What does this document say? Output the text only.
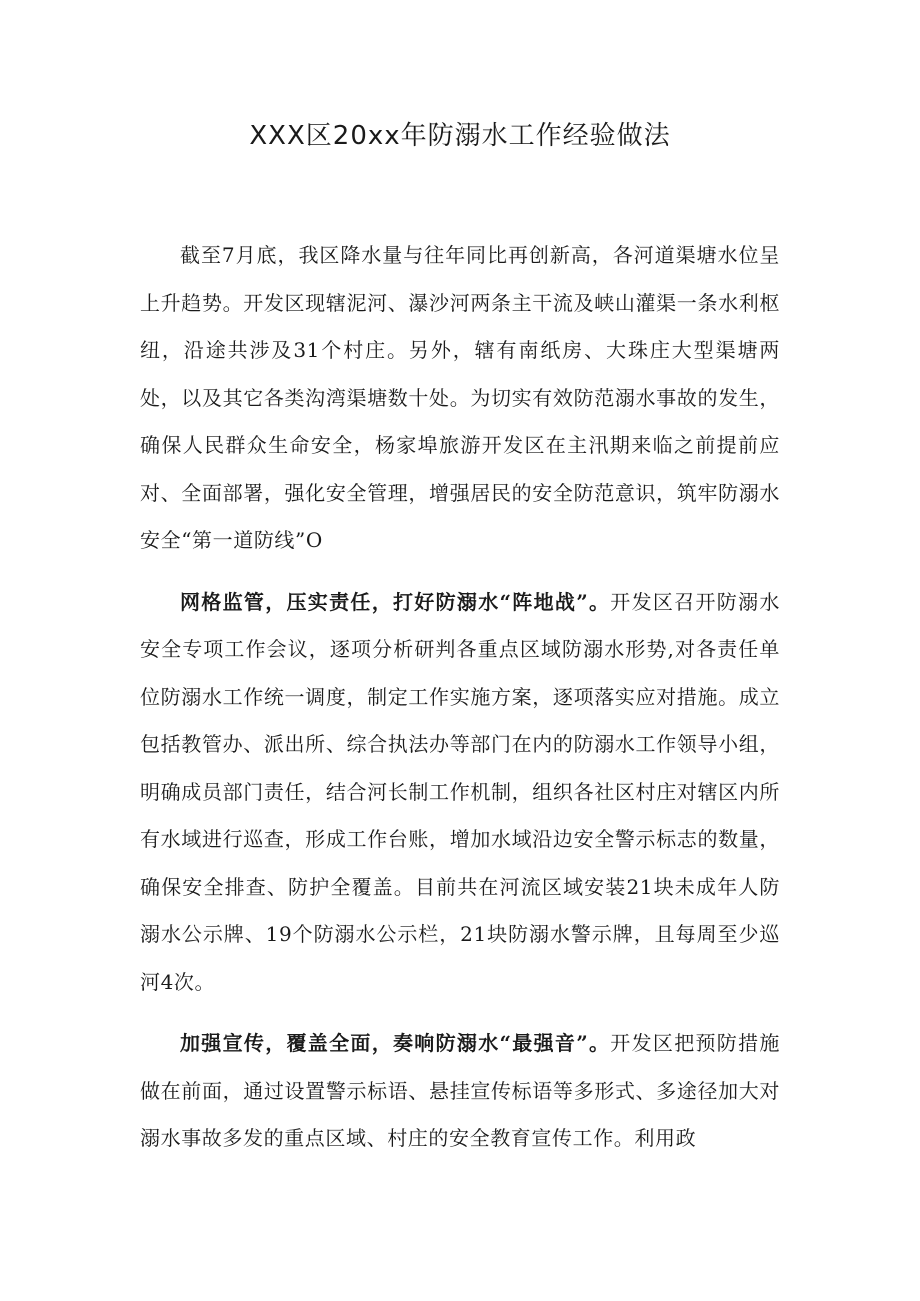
XXX区20xx年防溺水工作经验做法

截至7月底，我区降水量与往年同比再创新高，各河道渠塘水位呈上升趋势。开发区现辖泥河、瀑沙河两条主干流及峡山灌渠一条水利枢纽，沿途共涉及31个村庄。另外，辖有南纸房、大珠庄大型渠塘两处，以及其它各类沟湾渠塘数十处。为切实有效防范溺水事故的发生，确保人民群众生命安全，杨家埠旅游开发区在主汛期来临之前提前应对、全面部署，强化安全管理，增强居民的安全防范意识，筑牢防溺水安全“第一道防线”O

网格监管，压实责任，打好防溺水“阵地战”。开发区召开防溺水安全专项工作会议，逐项分析研判各重点区域防溺水形势,对各责任单位防溺水工作统一调度，制定工作实施方案，逐项落实应对措施。成立包括教管办、派出所、综合执法办等部门在内的防溺水工作领导小组，明确成员部门责任，结合河长制工作机制，组织各社区村庄对辖区内所有水域进行巡查，形成工作台账，增加水域沿边安全警示标志的数量，确保安全排查、防护全覆盖。目前共在河流区域安装21块未成年人防溺水公示牌、19个防溺水公示栏，21块防溺水警示牌，且每周至少巡河4次。

加强宣传，覆盖全面，奏响防溺水“最强音”。开发区把预防措施做在前面，通过设置警示标语、悬挂宣传标语等多形式、多途径加大对溺水事故多发的重点区域、村庄的安全教育宣传工作。利用政
